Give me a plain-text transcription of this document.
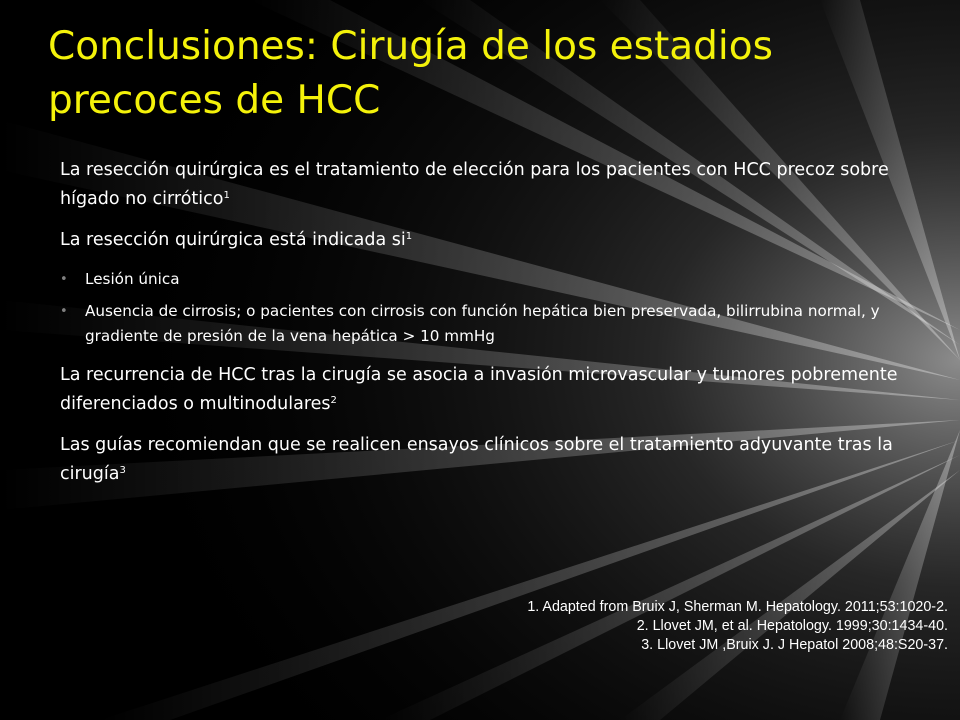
Conclusiones: Cirugía de los estadios precoces de HCC

La resección quirúrgica es el tratamiento de elección para los pacientes con HCC precoz sobre hígado no cirrótico$^1$

La resección quirúrgica está indicada $si^1$

• Lesión única
• Ausencia de cirrosis; o pacientes con cirrosis con función hepática bien preservada, bilirrubina normal, y gradiente de presión de la vena hepática > 10 mmHg

La recurrencia de HCC tras la cirugía se asocia a invasión microvascular y tumores pobremente diferenciados o multinodulares$^2$

Las guías recomiendan que se realicen ensayos clínicos sobre el tratamiento adyuvante tras la cirugía$^3$

1. Adapted from Bruix J, Sherman M. Hepatology. 2011;53:1020-2.
2. Llovet JM, et al. Hepatology. 1999;30:1434-40.
3. Llovet JM ,Bruix J. J Hepatol 2008;48:S20-37.
